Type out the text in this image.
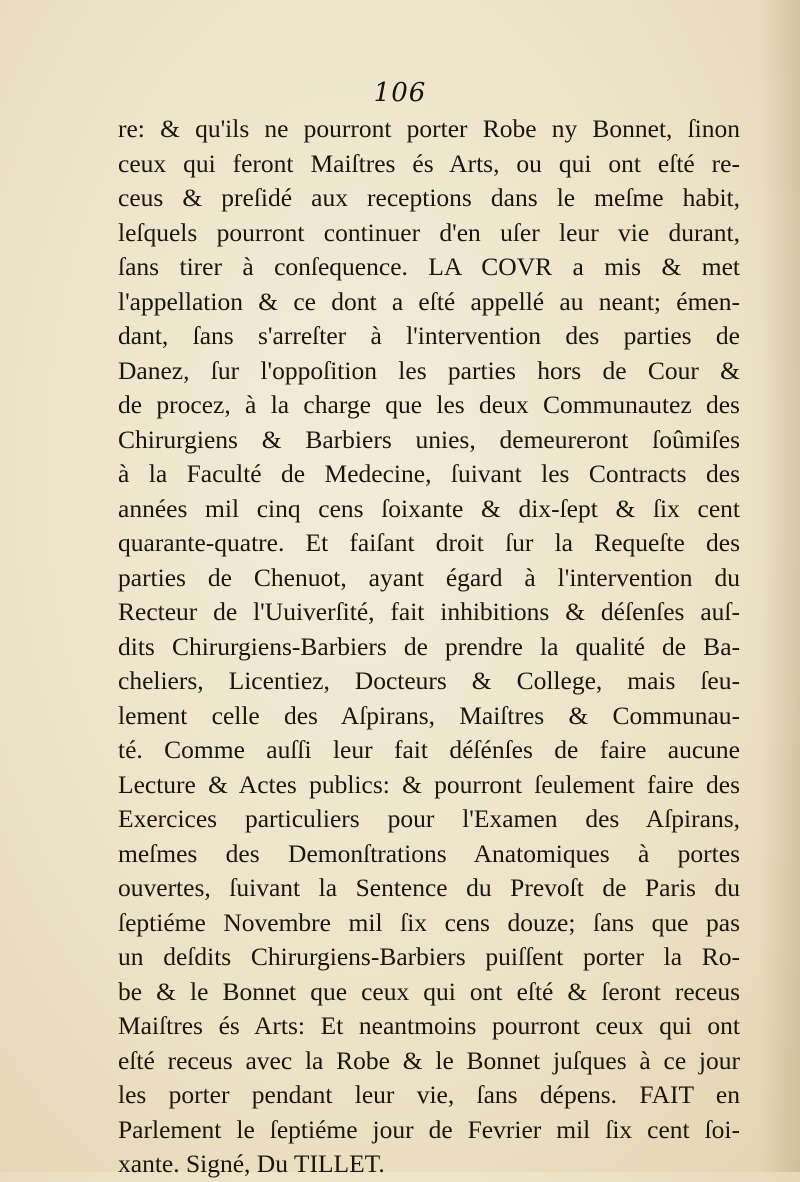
106
re: & qu'ils ne pourront porter Robe ny Bonnet, ſinon
ceux qui feront Maiſtres és Arts, ou qui ont eſté re-
ceus & preſidé aux receptions dans le meſme habit,
leſquels pourront continuer d'en uſer leur vie durant,
ſans tirer à conſequence. LA COVR a mis & met
l'appellation & ce dont a eſté appellé au neant; émen-
dant, ſans s'arreſter à l'intervention des parties de
Danez, ſur l'oppoſition les parties hors de Cour &
de procez, à la charge que les deux Communautez des
Chirurgiens & Barbiers unies, demeureront ſoûmiſes
à la Faculté de Medecine, ſuivant les Contracts des
années mil cinq cens ſoixante & dix-ſept & ſix cent
quarante-quatre. Et faiſant droit ſur la Requeſte des
parties de Chenuot, ayant égard à l'intervention du
Recteur de l'Uuiverſité, fait inhibitions & déſenſes auſ-
dits Chirurgiens-Barbiers de prendre la qualité de Ba-
cheliers, Licentiez, Docteurs & College, mais ſeu-
lement celle des Aſpirans, Maiſtres & Communau-
té. Comme auſſi leur fait déſénſes de faire aucune
Lecture & Actes publics: & pourront ſeulement faire des
Exercices particuliers pour l'Examen des Aſpirans,
meſmes des Demonſtrations Anatomiques à portes
ouvertes, ſuivant la Sentence du Prevoſt de Paris du
ſeptiéme Novembre mil ſix cens douze; ſans que pas
un deſdits Chirurgiens-Barbiers puiſſent porter la Ro-
be & le Bonnet que ceux qui ont eſté & ſeront receus
Maiſtres és Arts: Et neantmoins pourront ceux qui ont
eſté receus avec la Robe & le Bonnet juſques à ce jour
les porter pendant leur vie, ſans dépens. FAIT en
Parlement le ſeptiéme jour de Fevrier mil ſix cent ſoi-
xante. Signé, Du TILLET.
